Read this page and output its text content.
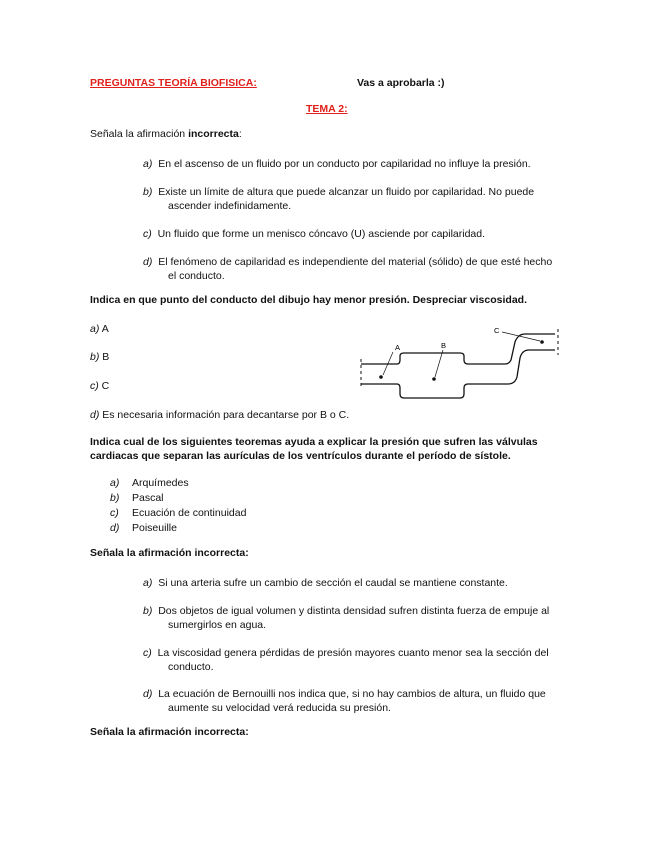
PREGUNTAS TEORÍA BIOFISICA:	Vas a aprobarla :)
TEMA 2:
Señala la afirmación incorrecta:
a) En el ascenso de un fluido por un conducto por capilaridad no influye la presión.
b) Existe un límite de altura que puede alcanzar un fluido por capilaridad. No puede
ascender indefinidamente.
c) Un fluido que forme un menisco cóncavo (U) asciende por capilaridad.
d) El fenómeno de capilaridad es independiente del material (sólido) de que esté hecho
el conducto.
Indica en que punto del conducto del dibujo hay menor presión. Despreciar viscosidad.
a) A
b) B
c) C
d) Es necesaria información para decantarse por B o C.
A	B
C
Indica cual de los siguientes teoremas ayuda a explicar la presión que sufren las válvulas
cardiacas que separan las aurículas de los ventrículos durante el período de sístole.
a) Arquímedes
b) Pascal
c) Ecuación de continuidad
d) Poiseuille
Señala la afirmación incorrecta:
a) Si una arteria sufre un cambio de sección el caudal se mantiene constante.
b) Dos objetos de igual volumen y distinta densidad sufren distinta fuerza de empuje al
sumergirlos en agua.
c) La viscosidad genera pérdidas de presión mayores cuanto menor sea la sección del
conducto.
d) La ecuación de Bernouilli nos indica que, si no hay cambios de altura, un fluido que
aumente su velocidad verá reducida su presión.
Señala la afirmación incorrecta:
